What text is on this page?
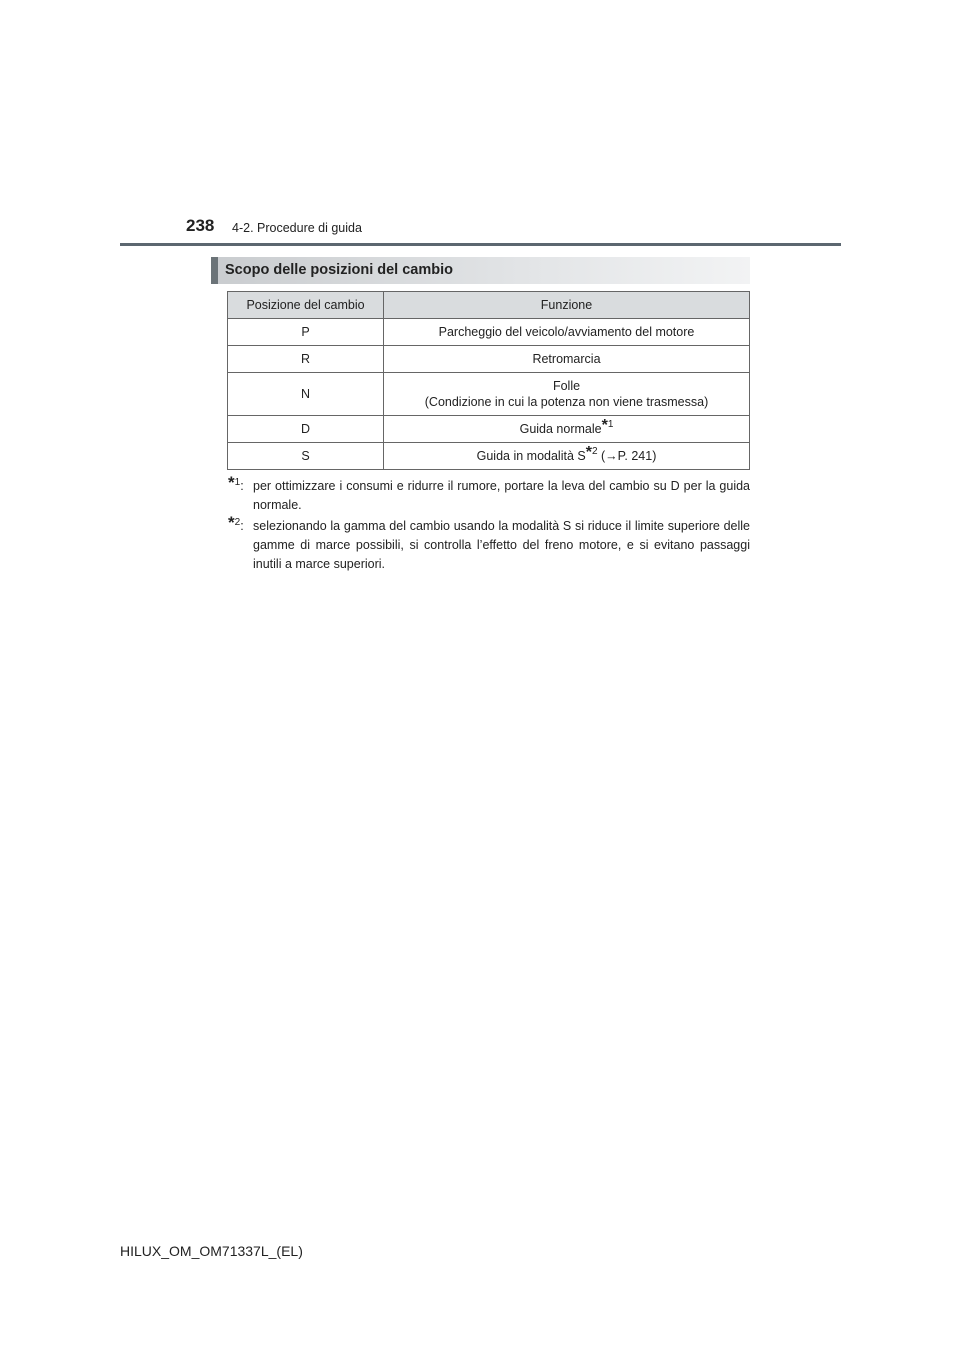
238 4-2. Procedure di guida
Scopo delle posizioni del cambio
Posizione del cambio	Funzione
P	Parcheggio del veicolo/avviamento del motore
R	Retromarcia
N	Folle
(Condizione in cui la potenza non viene trasmessa)

D	Guida normale*$^1$
S	Guida in modalità S*$^2$ (→P. 241)
*$^1$: per ottimizzare i consumi e ridurre il rumore, portare la leva del cambio su D per la guida normale.
*$^2$: selezionando la gamma del cambio usando la modalità S si riduce il limite superiore delle gamme di marce possibili, si controlla l’effetto del freno motore, e si evitano passaggi inutili a marce superiori.
HILUX_OM_OM71337L_(EL)
